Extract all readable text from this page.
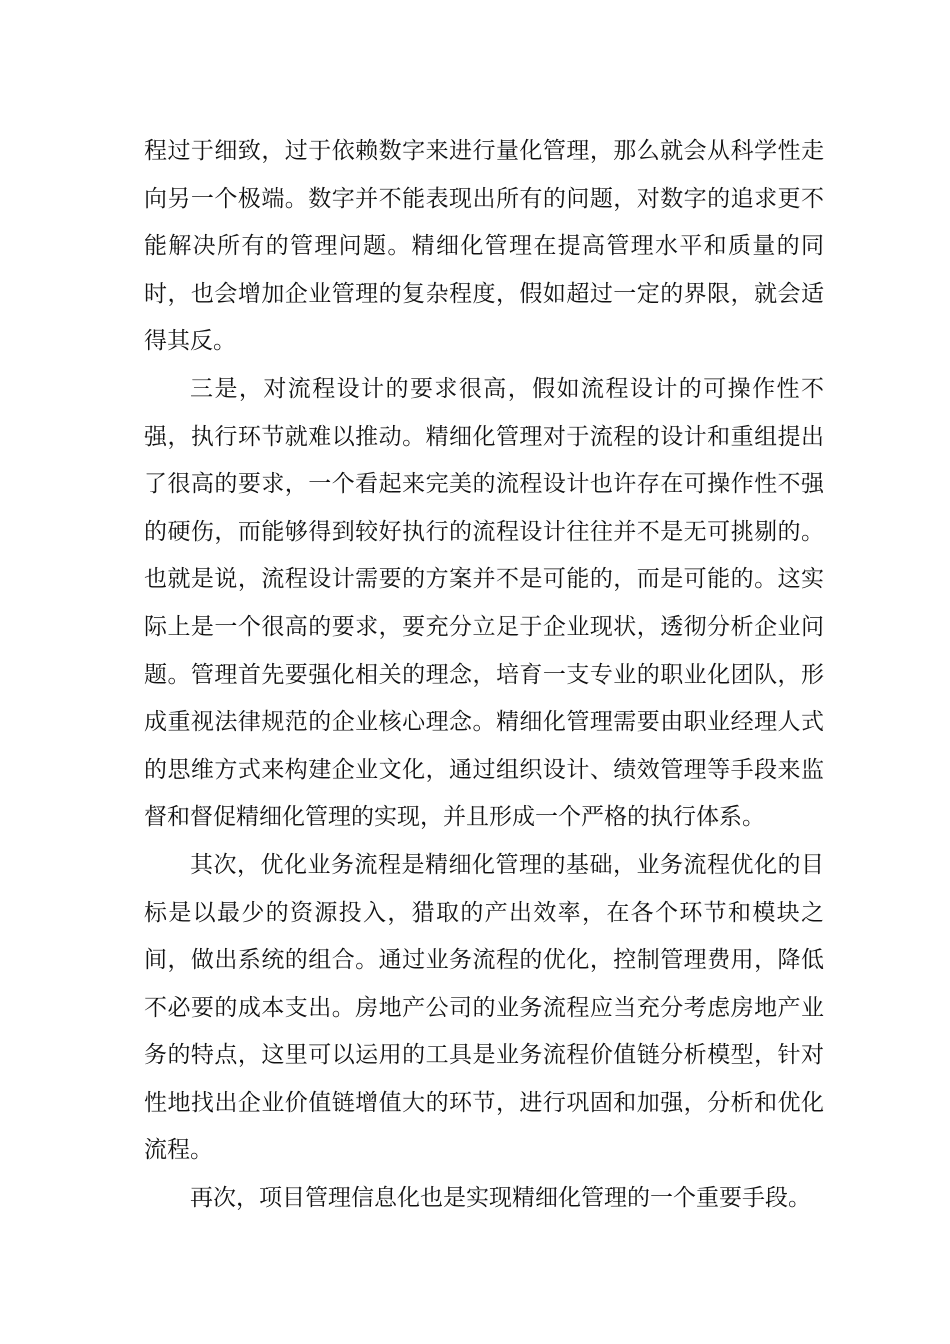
程过于细致，过于依赖数字来进行量化管理，那么就会从科学性走向另一个极端。数字并不能表现出所有的问题，对数字的追求更不能解决所有的管理问题。精细化管理在提高管理水平和质量的同时，也会增加企业管理的复杂程度，假如超过一定的界限，就会适得其反。

三是，对流程设计的要求很高，假如流程设计的可操作性不强，执行环节就难以推动。精细化管理对于流程的设计和重组提出了很高的要求，一个看起来完美的流程设计也许存在可操作性不强的硬伤，而能够得到较好执行的流程设计往往并不是无可挑剔的。也就是说，流程设计需要的方案并不是可能的，而是可能的。这实际上是一个很高的要求，要充分立足于企业现状，透彻分析企业问题。管理首先要强化相关的理念，培育一支专业的职业化团队，形成重视法律规范的企业核心理念。精细化管理需要由职业经理人式的思维方式来构建企业文化，通过组织设计、绩效管理等手段来监督和督促精细化管理的实现，并且形成一个严格的执行体系。

其次，优化业务流程是精细化管理的基础，业务流程优化的目标是以最少的资源投入，猎取的产出效率，在各个环节和模块之间，做出系统的组合。通过业务流程的优化，控制管理费用，降低不必要的成本支出。房地产公司的业务流程应当充分考虑房地产业务的特点，这里可以运用的工具是业务流程价值链分析模型，针对性地找出企业价值链增值大的环节，进行巩固和加强，分析和优化流程。

再次，项目管理信息化也是实现精细化管理的一个重要手段。
